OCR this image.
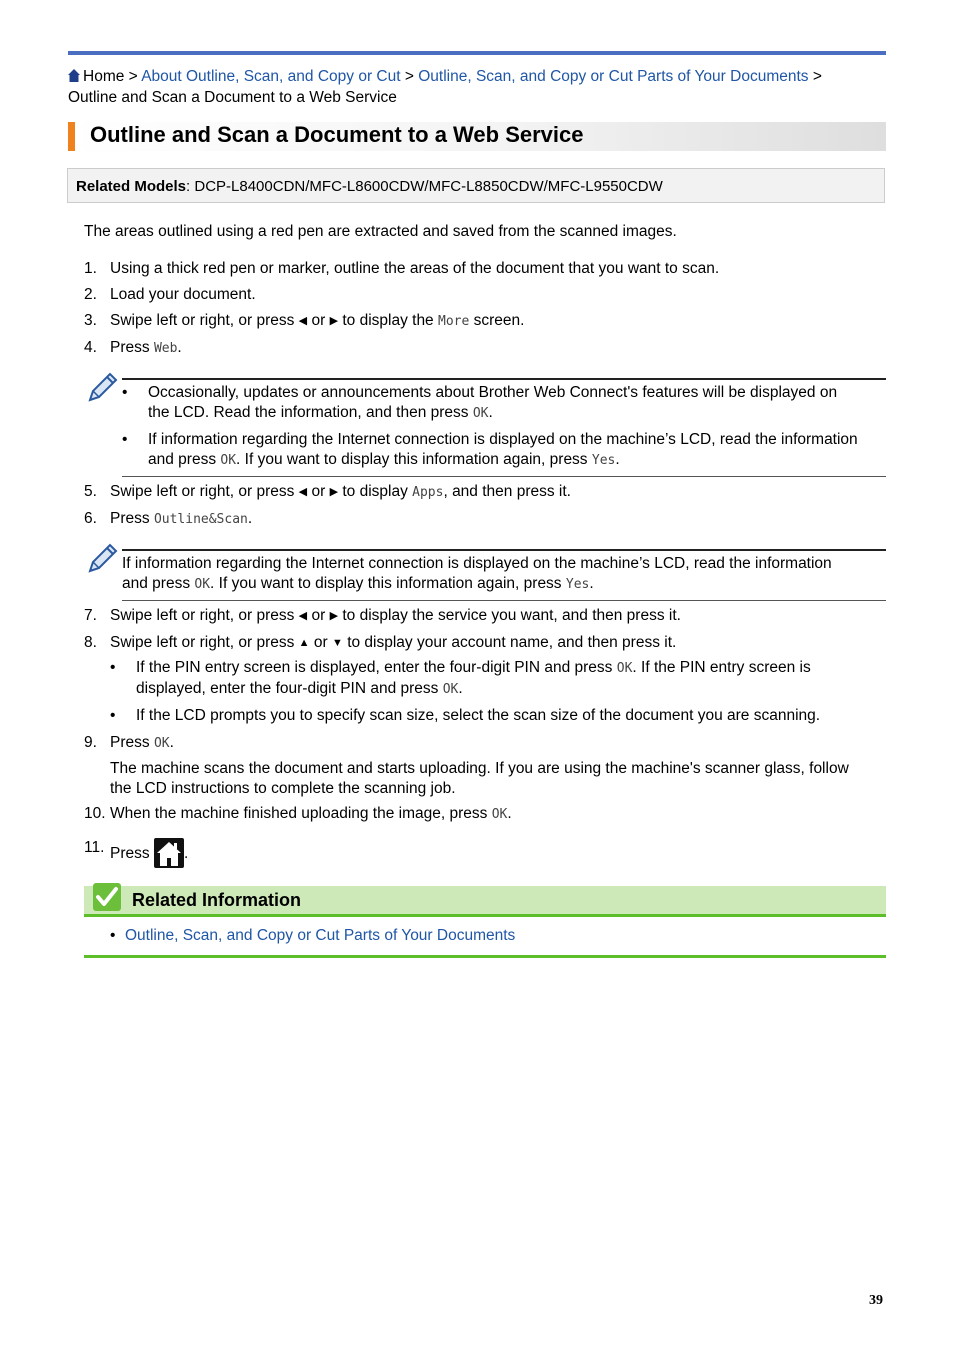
Home > About Outline, Scan, and Copy or Cut > Outline, Scan, and Copy or Cut Parts of Your Documents > Outline and Scan a Document to a Web Service
Outline and Scan a Document to a Web Service
Related Models: DCP-L8400CDN/MFC-L8600CDW/MFC-L8850CDW/MFC-L9550CDW
The areas outlined using a red pen are extracted and saved from the scanned images.
1. Using a thick red pen or marker, outline the areas of the document that you want to scan.
2. Load your document.
3. Swipe left or right, or press ◀ or ▶ to display the More screen.
4. Press Web.
• Occasionally, updates or announcements about Brother Web Connect's features will be displayed on
the LCD. Read the information, and then press OK.
• If information regarding the Internet connection is displayed on the machine’s LCD, read the information
and press OK. If you want to display this information again, press Yes.
5. Swipe left or right, or press ◀ or ▶ to display Apps, and then press it.
6. Press Outline&Scan.
If information regarding the Internet connection is displayed on the machine’s LCD, read the information
and press OK. If you want to display this information again, press Yes.
7. Swipe left or right, or press ◀ or ▶ to display the service you want, and then press it.
8. Swipe left or right, or press ▲ or ▼ to display your account name, and then press it.
• If the PIN entry screen is displayed, enter the four-digit PIN and press OK. If the PIN entry screen is
displayed, enter the four-digit PIN and press OK.
• If the LCD prompts you to specify scan size, select the scan size of the document you are scanning.
9. Press OK.
The machine scans the document and starts uploading. If you are using the machine's scanner glass, follow
the LCD instructions to complete the scanning job.
10. When the machine finished uploading the image, press OK.
11. Press .
Related Information
• Outline, Scan, and Copy or Cut Parts of Your Documents
39
